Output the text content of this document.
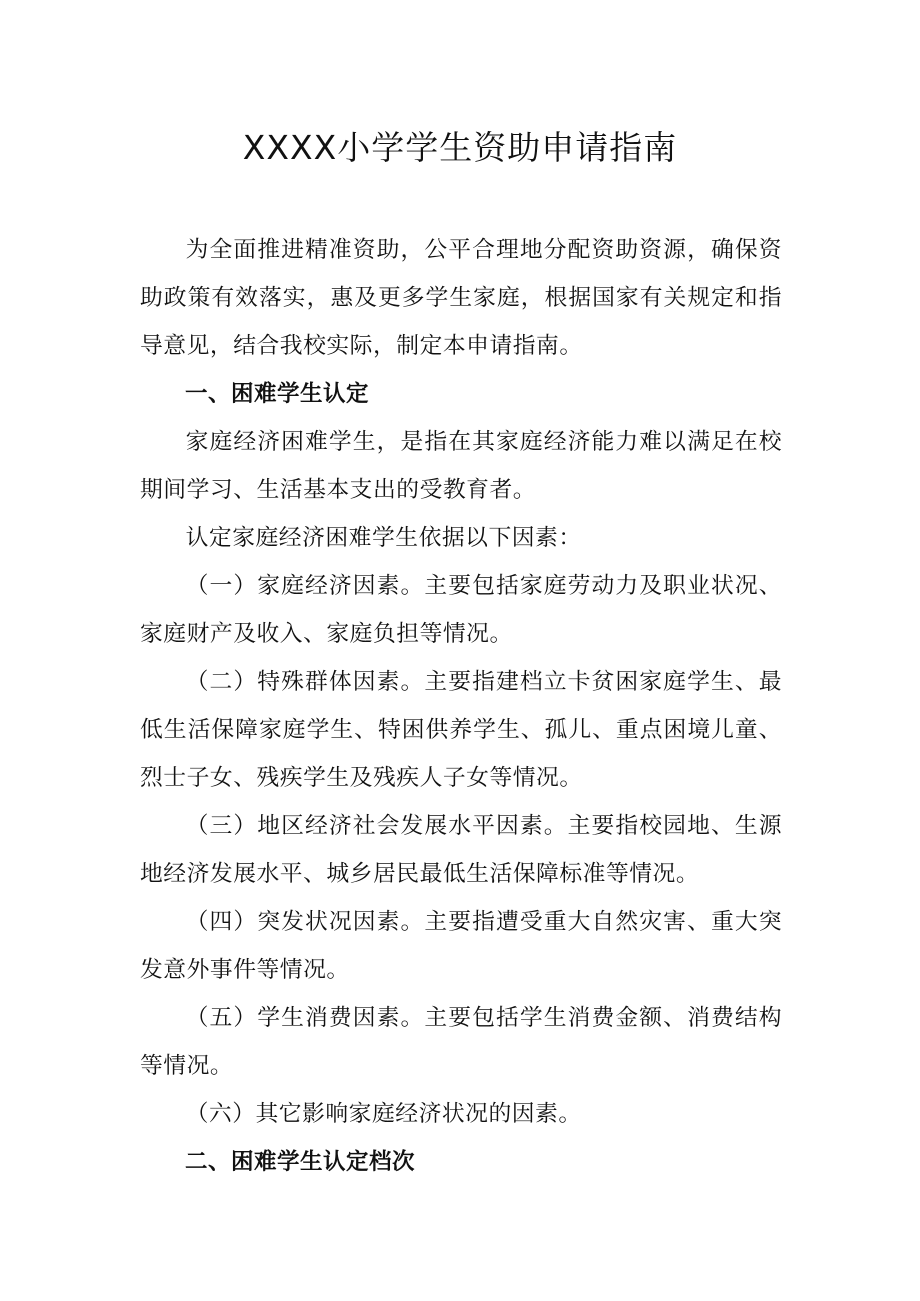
XXXX小学学生资助申请指南

为全面推进精准资助，公平合理地分配资助资源，确保资助政策有效落实，惠及更多学生家庭，根据国家有关规定和指导意见，结合我校实际，制定本申请指南。

一、困难学生认定

家庭经济困难学生，是指在其家庭经济能力难以满足在校期间学习、生活基本支出的受教育者。

认定家庭经济困难学生依据以下因素：

（一）家庭经济因素。主要包括家庭劳动力及职业状况、家庭财产及收入、家庭负担等情况。

（二）特殊群体因素。主要指建档立卡贫困家庭学生、最低生活保障家庭学生、特困供养学生、孤儿、重点困境儿童、烈士子女、残疾学生及残疾人子女等情况。

（三）地区经济社会发展水平因素。主要指校园地、生源地经济发展水平、城乡居民最低生活保障标准等情况。

（四）突发状况因素。主要指遭受重大自然灾害、重大突发意外事件等情况。

（五）学生消费因素。主要包括学生消费金额、消费结构等情况。

（六）其它影响家庭经济状况的因素。

二、困难学生认定档次
